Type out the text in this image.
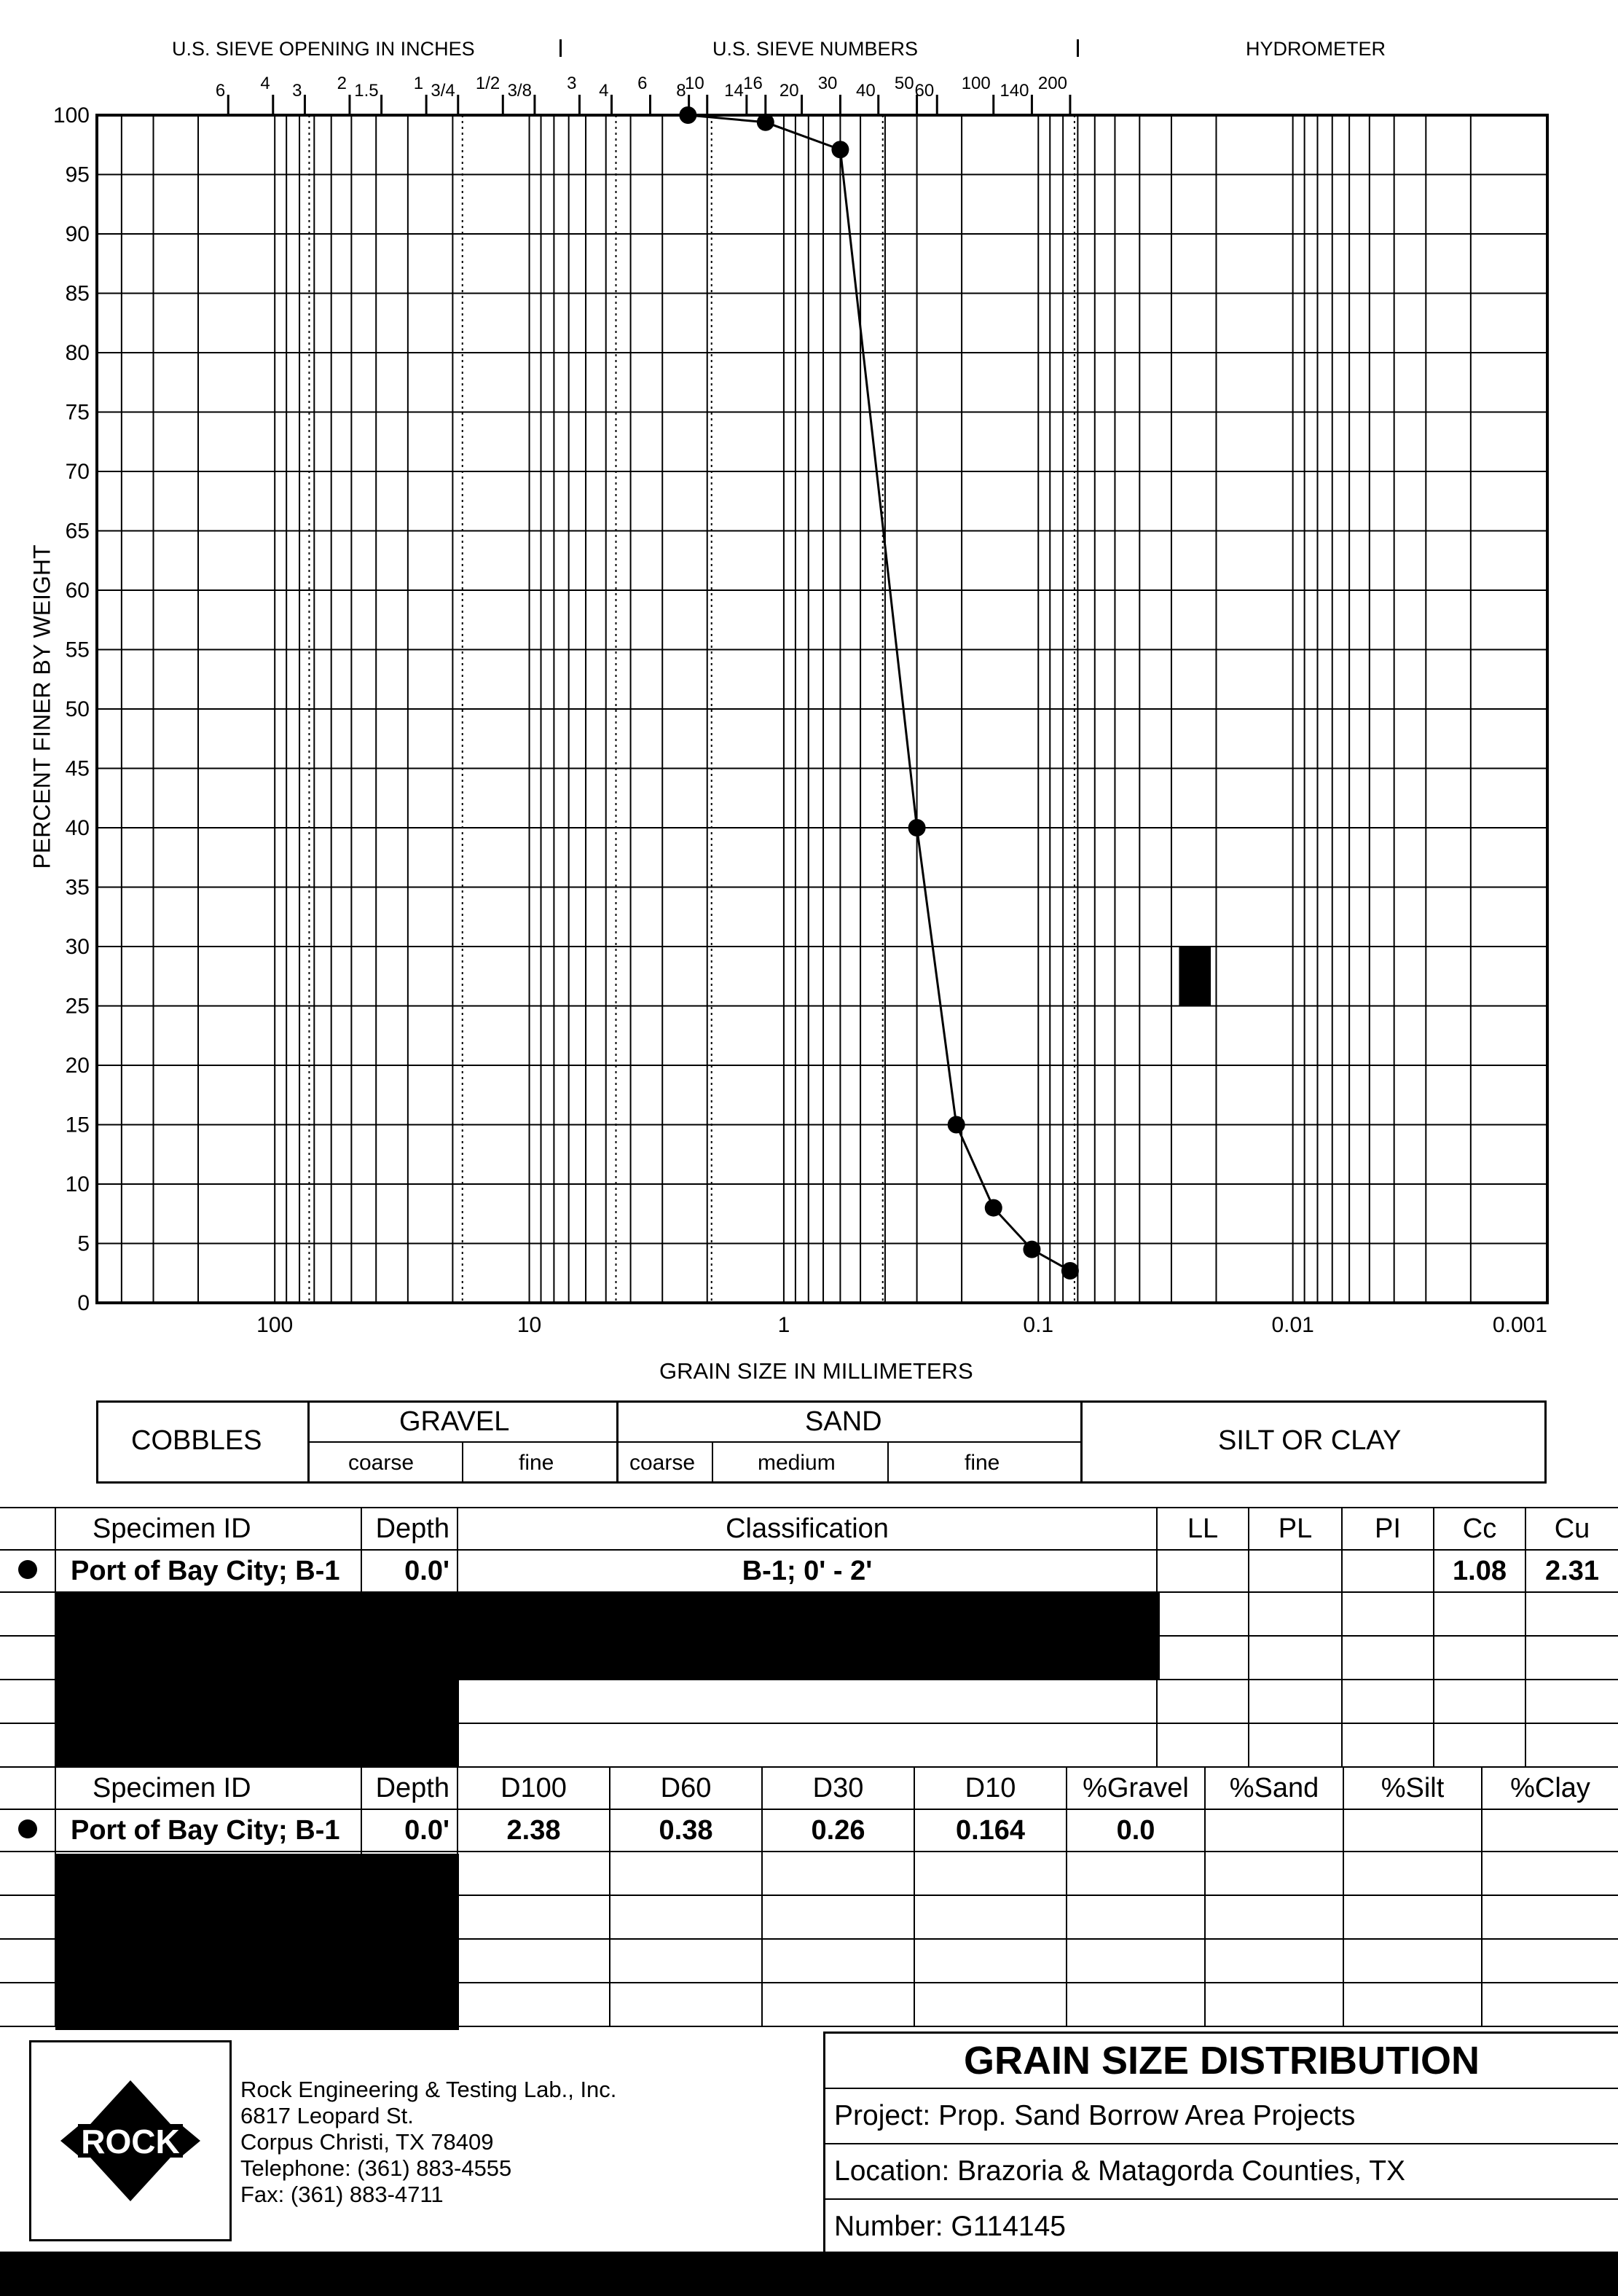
U.S. SIEVE OPENING IN INCHES	U.S. SIEVE NUMBERS	HYDROMETER
0
5
10
15
20
25
30
35
40
45
50
55
60
65
70
75
80
85
90
95
100
100	10	1	0.1	0.01	0.001
6 4 3 2 1.5 1 3/4 1/2 3/8 3 4 6 8
10 14 16 20 30 40 50 60 100 140 200
GRAIN SIZE IN MILLIMETERS
PERCENT FINER BY WEIGHT
COBBLES
GRAVEL	SAND
SILT OR CLAY
coarse	fine	coarse	medium	fine
	Specimen ID	Depth	Classification	LL	PL	PI	Cc	Cu
	Port of Bay City; B-1	0.0'	B-1; 0' - 2'				1.08	2.31

	Specimen ID	Depth	D100	D60	D30	D10	%Gravel	%Sand	%Silt	%Clay
	Port of Bay City; B-1	0.0'	2.38	0.38	0.26	0.164	0.0			

ROCK
Rock Engineering & Testing Lab., Inc.
6817 Leopard St.
Corpus Christi, TX 78409
Telephone: (361) 883-4555
Fax: (361) 883-4711
GRAIN SIZE DISTRIBUTION
Project: Prop. Sand Borrow Area Projects
Location: Brazoria & Matagorda Counties, TX
Number: G114145
